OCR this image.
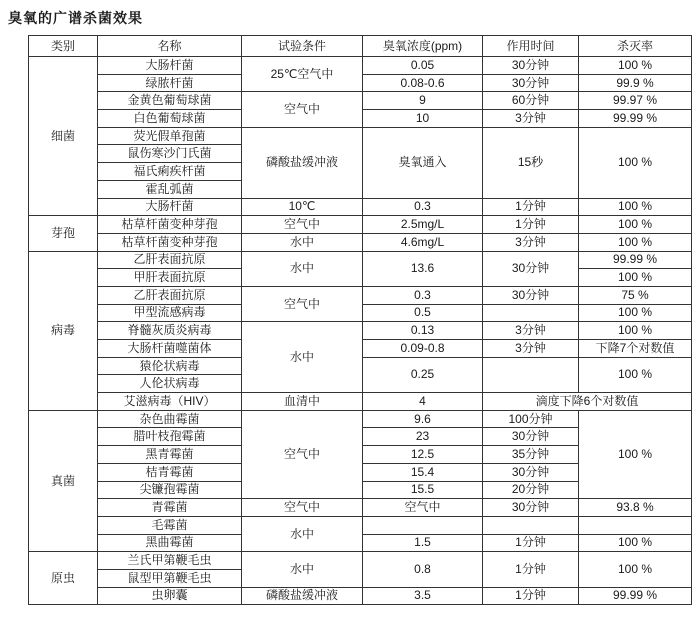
臭氧的广谱杀菌效果
类别	名称	试验条件	臭氧浓度(ppm)	作用时间	杀灭率
细菌	大肠杆菌	25℃空气中	0.05	30分钟	100 %
	绿脓杆菌		0.08-0.6	30分钟	99.9 %
	金黄色葡萄球菌	空气中	9	60分钟	99.97 %
	白色葡萄球菌		10	3分钟	99.99 %
	荧光假单孢菌	磷酸盐缓冲液	臭氧通入	15秒	100 %
	鼠伤寒沙门氏菌				
	福氏痢疾杆菌				
	霍乱弧菌				
	大肠杆菌	10℃	0.3	1分钟	100 %
芽孢	枯草杆菌变种芽孢	空气中	2.5mg/L	1分钟	100 %
	枯草杆菌变种芽孢	水中	4.6mg/L	3分钟	100 %
病毒	乙肝表面抗原	水中	13.6	30分钟	99.99 %
	甲肝表面抗原				100 %
	乙肝表面抗原	空气中	0.3	30分钟	75 %
	甲型流感病毒		0.5		100 %
	脊髓灰质炎病毒	水中	0.13	3分钟	100 %
	大肠杆菌噬菌体		0.09-0.8	3分钟	下降7个对数值
	猿伦状病毒		0.25		100 %
	人伦状病毒				
	艾滋病毒（HIV）	血清中	4	滴度下降6个对数值	
真菌	杂色曲霉菌	空气中	9.6	100分钟	100 %
	腊叶枝孢霉菌		23	30分钟	
	黑青霉菌		12.5	35分钟	
	桔青霉菌		15.4	30分钟	
	尖镰孢霉菌		15.5	20分钟	
	青霉菌	空气中	空气中	30分钟	93.8 %
	毛霉菌	水中			
	黑曲霉菌		1.5	1分钟	100 %
原虫	兰氏甲第鞭毛虫	水中	0.8	1分钟	100 %
	鼠型甲第鞭毛虫				
	虫卵囊	磷酸盐缓冲液	3.5	1分钟	99.99 %
